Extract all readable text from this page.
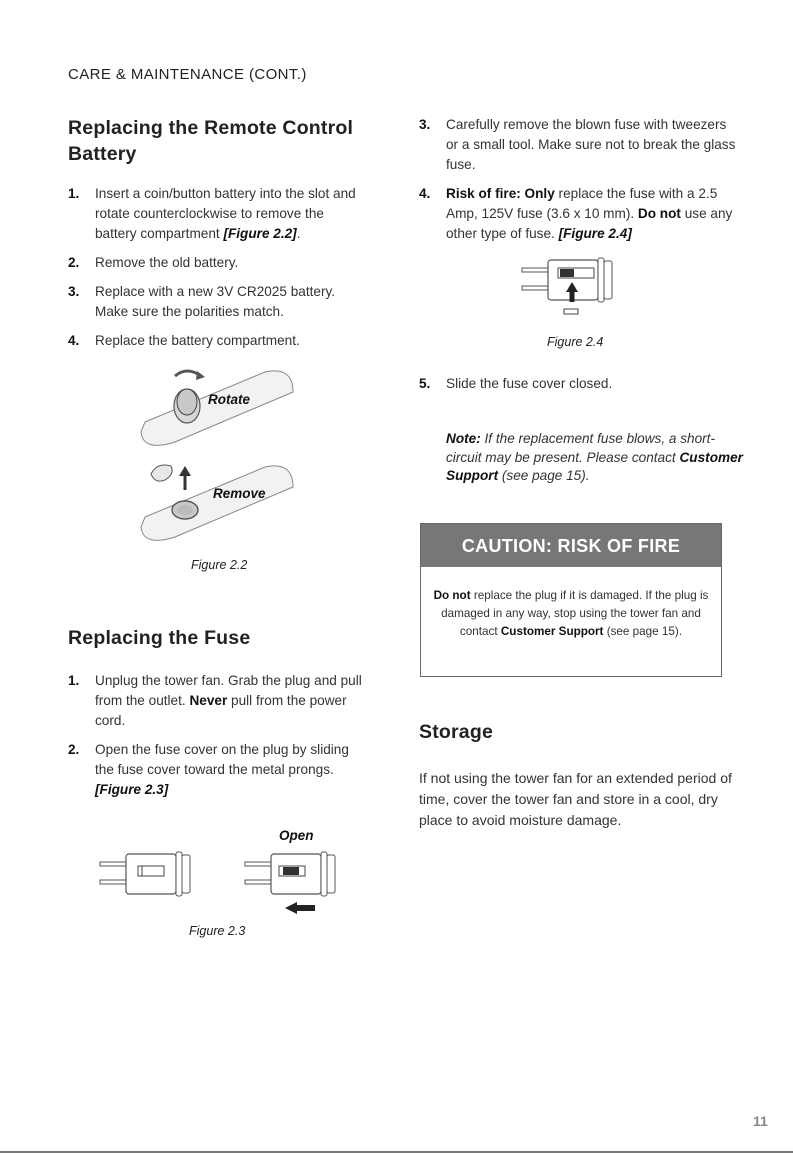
CARE & MAINTENANCE (CONT.)
Replacing the Remote Control Battery
1. Insert a coin/button battery into the slot and rotate counterclockwise to remove the battery compartment [Figure 2.2].
2. Remove the old battery.
3. Replace with a new 3V CR2025 battery. Make sure the polarities match.
4. Replace the battery compartment.
Rotate
Remove
Figure 2.2
Replacing the Fuse
1. Unplug the tower fan. Grab the plug and pull from the outlet. Never pull from the power cord.
2. Open the fuse cover on the plug by sliding the fuse cover toward the metal prongs. [Figure 2.3]
Open
Figure 2.3
3. Carefully remove the blown fuse with tweezers or a small tool. Make sure not to break the glass fuse.
4. Risk of fire: Only replace the fuse with a 2.5 Amp, 125V fuse (3.6 x 10 mm). Do not use any other type of fuse. [Figure 2.4]
Figure 2.4
5. Slide the fuse cover closed.
Note: If the replacement fuse blows, a short-circuit may be present. Please contact Customer Support (see page 15).
CAUTION: RISK OF FIRE
Do not replace the plug if it is damaged. If the plug is damaged in any way, stop using the tower fan and contact Customer Support (see page 15).
Storage
If not using the tower fan for an extended period of time, cover the tower fan and store in a cool, dry place to avoid moisture damage.
11
